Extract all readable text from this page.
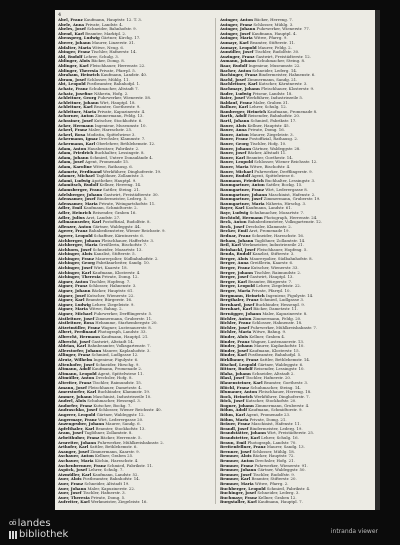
4

Abel, Franz Kaufmann, Hauptstr. 12. T. 3.

Abele, Anna Private, Landstr. 4.

Abeles, Josef Schneider, Bahnhofstr. 9.

Abend, Karl Beamter, Marktpl. 2.

Abensperg, Ludwig Gärtner, Kirchg. 17.

Aberer, Johann Maurer, Linzerstr. 31.

Abfalter, Maria Witwe, Neug. 6.

Abinger, Franz Tischler, Hafnerstr. 14.

Abl, Rudolf Lehrer, Schulg. 3.

Ablinger, Alois Bäcker, Domg. 8.

Ablinger, Karl Fleischhauer, Herrenstr. 22.

Ablinger, Theresia Private, Pfarrpl. 5.

Abraham, Heinrich Kaufmann, Landstr. 40.

Abram, Josef Schlosser, Mühlg. 11.

Abt, Leopold Postbeamter, Bahnhofpl. 1.

Achatz, Franz Schuhmacher, Altstadt 7.

Achatz, Josefine Näherin, Hofg. 2.

Achleitner, Georg Fuhrwerker, Wienerstr. 58.

Achleitner, Johann Wirt, Hauptpl. 18.

Achleitner, Karl Beamter, Goetheestr. 9.

Achleitner, Maria Private, Kapuzinerstr. 4.

Achorner, Anton Zimmermann, Feldg. 13.

Achrainer, Josef Kutscher, Stockhofstr. 6.

Acker, Hermann Ingenieur, Museumstr. 10.

Ackerl, Franz Maler, Harrachstr. 25.

Ackerl, Rosa Modistin, Spittelwiese 3.

Ackermann, Ignaz Drechsler, Klammstr. 7.

Ackermann, Karl Oberlehrer, Bethlehemstr. 12.

Adam, Anton Hausbesitzer, Fabrikstr. 2.

Adam, Friedrich Buchhalter, Lessingstr. 8.

Adam, Johann Schmied, Untere Donaulände 4.

Adam, Josef Agent, Promenade 15.

Adam, Karoline Witwe, Rathausg. 6.

Adametz, Ferdinand Werkführer, Dinghoferstr. 19.

Adamer, Michael Taglöhner, Zollamtstr. 3.

Adami, Ludwig Apotheker, Hauptpl. 9.

Adamitsch, Rudolf Kellner, Herreng. 14.

Adamsberger, Franz Sattler, Steing. 21.

Adelsberger, Johann Gastwirt, Freistädterstr. 30.

Adensamer, Josef Bindermeister, Lederg. 5.

Adensamer, Maria Private, Weingartshofstr. 11.

Adler, Emil Kaufmann, Schmidtorstr. 2.

Adler, Heinrich Reisender, Graben 16.

Adler, Julius Arzt, Landstr. 27.

Adlmannseder, Karl Postoffizial, Rudolfstr. 8.

Aflenzer, Anton Gärtner, Waldeggstr. 44.

Agerer, Franz Bahnbediensteter, Wiener Reichsstr. 9.

Agerer, Leopold Schaffner, Kärntnerstr. 6.

Aichberger, Johann Fleischhauer, Hafferlstr. 3.

Aichberger, Maria Greißlerin, Bischofstr. 7.

Aichhorn, Josef Schneider, Mozartstr. 13.

Aichinger, Alois Kanzlist, Stifterstr. 5.

Aichinger, Franz Maurerpolier, Südbahnhofstr. 2.

Aichinger, Georg Fabriksarbeiter, Sandg. 10.

Aichinger, Josef Wirt, Kaarstr. 18.

Aichinger, Karl Kaufmann, Klosterstr. 4.

Aichinger, Theresia Private, Domg. 12.

Aigner, Anton Tischler, Hopfeng. 7.

Aigner, Franz Schlosser, Hahnenstr. 3.

Aigner, Johann Bäcker, Hauptstr. 61.

Aigner, Josef Kutscher, Wienerstr. 22.

Aigner, Karl Beamter, Bürgerstr. 16.

Aigner, Ludwig Lehrer, Ziegeleistr. 9.

Aigner, Maria Witwe, Bahng. 2.

Aigner, Michael Fuhrwerker, Derfflingerstr. 5.

Aistleitner, Josef Zimmermann, Gruberstr. 11.

Aistleitner, Rosa Hebamme, Starhembergstr. 20.

Aitzetmüller, Franz Wagner, Lustenauerstr. 8.

Albert, Ferdinand Photograph, Landstr. 33.

Albrecht, Hermann Kaufmann, Hauptpl. 21.

Albrecht, Josef Gastwirt, Altstadt 14.

Aldrian, Karl Bahnbeamter, Volksgartenstr. 7.

Allerstorfer, Johann Maurer, Kaplanhofstr. 3.

Allinger, Franz Schmied, Ludlgasse 12.

Alrutz, Wilhelm Ingenieur, Figulystr. 6.

Altenhofer, Josef Schneider, Hirschg. 9.

Altmann, Adolf Kaufmann, Promenade 2.

Altmann, Leopold Agent, Spittelwiese 11.

Altmüller, Anton Drechsler, Hofg. 8.

Altreiter, Franz Tischler, Raimundstr. 15.

Amann, Josef Fleischhauer, Dametzstr. 4.

Amerstorfer, Karl Buchbinder, Klammstr. 19.

Ammer, Johann Maschinist, Industriezeile 10.

Anderl, Alois Schuhmacher, Hessenpl. 3.

Andorfer, Franz Kutscher, Bockg. 7.

Andraschko, Josef Schlosser, Wiener Reichsstr. 40.

Angerer, Leopold Gärtner, Waldeggstr. 12.

Angermayr, Franz Wirt, Lederergasse 20.

Anzengruber, Johann Maurer, Sandg. 6.

Apfelthaler, Karl Beamter, Stockhofstr. 13.

Aram, Josef Taglöhner, Zollamtstr. 8.

Arbeithuber, Franz Bäcker, Herrenstr. 5.

Arnreiter, Johann Fuhrwerker, Mühlkreisbahnstr. 2.

Arthofer, Karl Sattler, Bethlehemstr. 6.

Asanger, Josef Zimmermann, Kaarstr. 9.

Aschauer, Anton Kellner, Graben 25.

Aschauer, Maria Köchin, Harrachstr. 4.

Aschenbrenner, Franz Schmied, Fabrikstr. 11.

Aspöck, Josef Lehrer, Schulg. 7.

Atzmüller, Karl Kaufmann, Landstr. 52.

Auer, Alois Postbeamter, Bahnhofstr. 14.

Auer, Franz Schneider, Altstadt 19.

Auer, Johann Maler, Kapuzinerstr. 22.

Auer, Josef Tischler, Hafnerstr. 3.

Auer, Theresia Private, Domg. 5.

Aufreiter, Karl Werkmeister, Ziegeleistr. 16.

Auinger, Anton Bäcker, Herreng. 7.

Auinger, Franz Schlosser, Mühlg. 3.

Auinger, Johann Fuhrwerker, Wienerstr. 77.

Auinger, Josef Kaufmann, Hauptpl. 4.

Auinger, Maria Witwe, Pfarrg. 9.

Aumayr, Karl Beamter, Stifterstr. 11.

Aumayr, Leopold Maurer, Feldg. 2.

Aumüller, Josef Tischler, Rudolfstr. 30.

Auzinger, Franz Gastwirt, Freistädterstr. 12.

Axmann, Johann Schuhmacher, Steing. 8.

Baar, Rudolf Ingenieur, Museumstr. 22.

Bacher, Anton Schneider, Lederg. 14.

Bachinger, Franz Bindermeister, Hahnenstr. 6.

Bachl, Josef Zimmermann, Sandg. 21.

Bachleitner, Karl Kutscher, Kärntnerstr. 3.

Bachmayr, Johann Fleischhauer, Klosterstr. 9.

Bader, Ludwig Friseur, Landstr. 18.

Baier, Josef Werkführer, Industriezeile 5.

Baldauf, Franz Maler, Graben 31.

Ballner, Karl Lehrer, Schulg. 12.

Bamberger, Heinrich Kaufmann, Promenade 8.

Barth, Adolf Reisender, Bahnhofstr. 20.

Bartl, Johann Schmied, Fabrikstr. 17.

Bauer, Alois Kellner, Hauptstr. 45.

Bauer, Anna Private, Domg. 16.

Bauer, Anton Maurer, Ziegeleistr. 3.

Bauer, Franz Postoffizial, Rathausg. 2.

Bauer, Georg Tischler, Hofg. 10.

Bauer, Johann Gärtner, Waldeggstr. 28.

Bauer, Josef Bäcker, Altstadt 11.

Bauer, Karl Beamter, Goethestr. 14.

Bauer, Leopold Schlosser, Wiener Reichsstr. 12.

Bauer, Maria Witwe, Bischofstr. 4.

Bauer, Michael Fuhrwerker, Derfflingerstr. 9.

Bauer, Rudolf Agent, Spittelwiese 6.

Baumann, Friedrich Buchhalter, Lessingstr. 3.

Baumgartner, Anton Sattler, Bockg. 15.

Baumgartner, Franz Wirt, Lederergasse 8.

Baumgartner, Johann Maschinist, Hafenstr. 2.

Baumgartner, Josef Zimmermann, Gruberstr. 19.

Baumgartner, Maria Näherin, Hirschg. 3.

Bayer, Karl Kaufmann, Landstr. 61.

Bayr, Ludwig Schuhmacher, Mozartstr. 7.

Bechtold, Hermann Photograph, Herrenstr. 24.

Beck, Anton Bahnbediensteter, Volksgartenstr. 12.

Beck, Josef Drechsler, Klammstr. 2.

Becker, Emil Arzt, Promenade 19.

Bednar, Franz Schneider, Harrachstr. 16.

Beham, Johann Taglöhner, Zollamtstr. 14.

Beil, Karl Werkmeister, Industriezeile 21.

Beinhackl, Josef Fleischhauer, Hopfeng. 5.

Benda, Rudolf Kanzlist, Stifterstr. 3.

Berger, Alois Maurerpolier, Südbahnhofstr. 8.

Berger, Anna Greißlerin, Kaarstr. 6.

Berger, Franz Kutscher, Wienerstr. 33.

Berger, Johann Tischler, Raimundstr. 2.

Berger, Josef Gastwirt, Hauptpl. 13.

Berger, Karl Beamter, Bürgerstr. 7.

Berger, Leopold Lehrer, Ziegeleistr. 22.

Berger, Maria Private, Pfarrpl. 10.

Bergmann, Heinrich Ingenieur, Figulystr. 14.

Bergthaler, Franz Schmied, Ludlgasse 3.

Bernhard, Josef Buchbinder, Hessenpl. 9.

Bernhart, Karl Bäcker, Dametzstr. 11.

Bernögger, Johann Maler, Kapuzinerstr. 8.

Bichler, Anton Zimmermann, Feldg. 20.

Bichler, Franz Schlosser, Hahnenstr. 18.

Bichler, Josef Fuhrwerker, Mühlkreisbahnstr. 7.

Bichler, Maria Witwe, Bahng. 9.

Binder, Alois Kellner, Graben 4.

Binder, Franz Wagner, Lustenauerstr. 13.

Binder, Johann Maurer, Kaplanhofstr. 10.

Binder, Josef Kaufmann, Klosterstr. 15.

Binder, Karl Postbeamter, Bahnhofpl. 5.

Birklbauer, Franz Sattler, Bethlehemstr. 14.

Bischof, Leopold Gärtner, Waldeggstr. 6.

Bittner, Rudolf Reisender, Lessingstr. 10.

Blaha, Johann Schneider, Altstadt 2.

Blasl, Josef Tischler, Hafnerstr. 20.

Blauensteiner, Karl Beamter, Goethestr. 3.

Blöchl, Franz Schuhmacher, Steing. 14.

Blumauer, Anton Fleischhauer, Herreng. 18.

Bock, Heinrich Werkführer, Dinghoferstr. 7.

Böck, Josef Kutscher, Stockhofstr. 20.

Bogner, Johann Zimmermann, Gruberstr. 4.

Böhm, Adolf Kaufmann, Schmidtorstr. 9.

Böhm, Karl Agent, Promenade 23.

Böhm, Maria Private, Domg. 21.

Bräuer, Franz Maschinist, Hafenstr. 11.

Brandl, Josef Bindermeister, Lederg. 19.

Brandstätter, Johann Wirt, Freistädterstr. 25.

Brandstetter, Karl Lehrer, Schulg. 16.

Braun, Emil Photograph, Landstr. 70.

Breitenfellner, Franz Maurer, Sandg. 13.

Brenner, Josef Schlosser, Mühlg. 18.

Brunner, Alois Bäcker, Hauptstr. 72.

Brunner, Anton Drechsler, Hofg. 21.

Brunner, Franz Fuhrwerker, Wienerstr. 91.

Brunner, Johann Gärtner, Waldeggstr. 50.

Brunner, Josef Tischler, Rudolfstr. 9.

Brunner, Karl Beamter, Stifterstr. 20.

Brunner, Maria Witwe, Pfarrg. 2.

Buchberger, Leopold Schmied, Fabrikstr. 4.

Buchinger, Josef Schneider, Lederg. 3.

Buchmayr, Franz Kellner, Graben 12.

Burgstaller, Karl Kaufmann, Hauptpl. 7.

oö landes
bibliothek	intranda viewer
